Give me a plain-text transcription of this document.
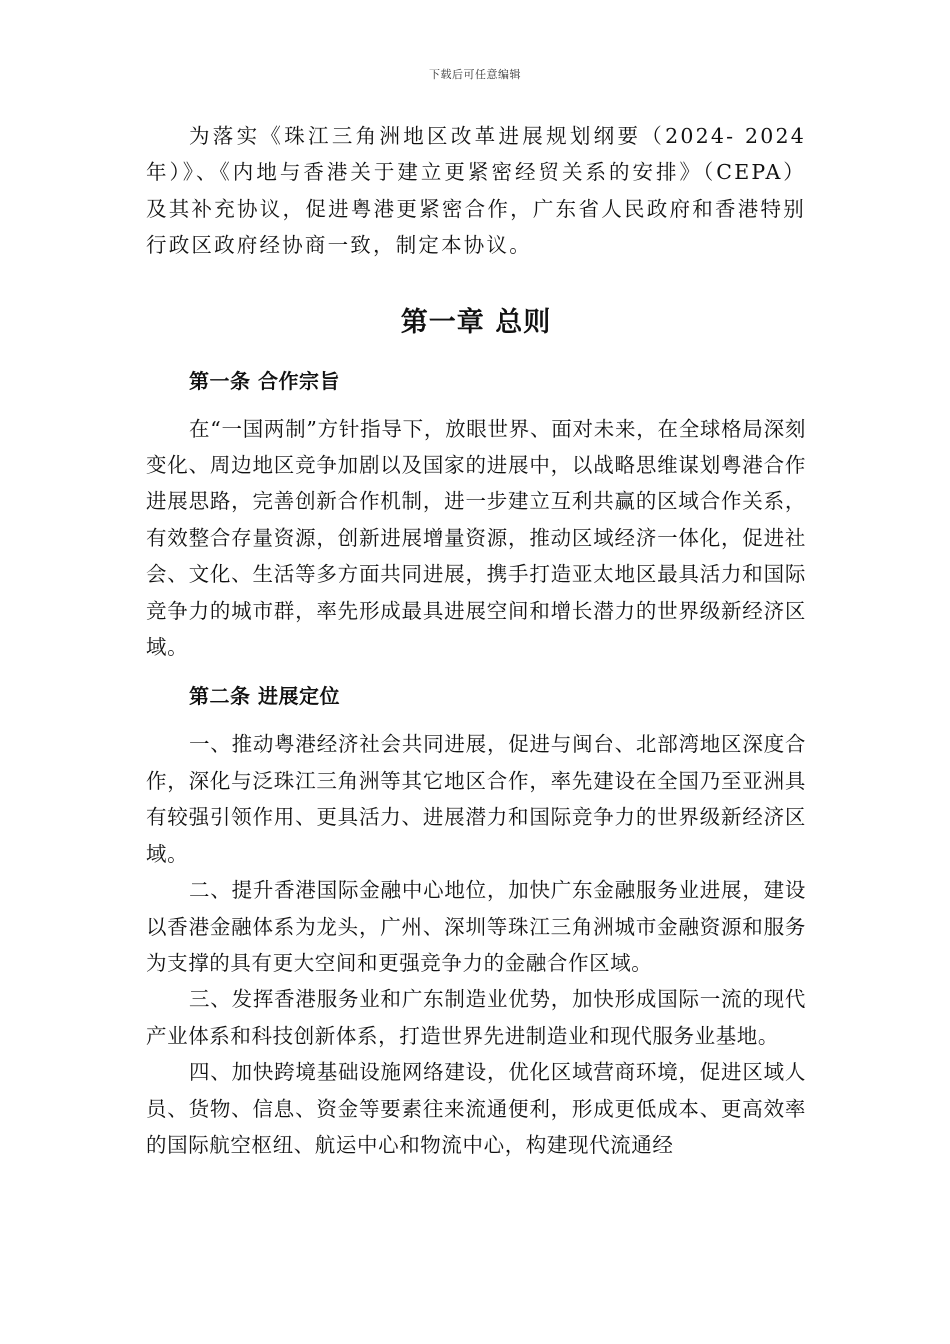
下载后可任意编辑

为落实《珠江三角洲地区改革进展规划纲要（2024- 2024年）》、《内地与香港关于建立更紧密经贸关系的安排》（CEPA）及其补充协议，促进粤港更紧密合作，广东省人民政府和香港特别行政区政府经协商一致，制定本协议。

第一章 总则
第一条 合作宗旨

在“一国两制”方针指导下，放眼世界、面对未来，在全球格局深刻变化、周边地区竞争加剧以及国家的进展中，以战略思维谋划粤港合作进展思路，完善创新合作机制，进一步建立互利共赢的区域合作关系，有效整合存量资源，创新进展增量资源，推动区域经济一体化，促进社会、文化、生活等多方面共同进展，携手打造亚太地区最具活力和国际竞争力的城市群，率先形成最具进展空间和增长潜力的世界级新经济区域。

第二条 进展定位

一、推动粤港经济社会共同进展，促进与闽台、北部湾地区深度合作，深化与泛珠江三角洲等其它地区合作，率先建设在全国乃至亚洲具有较强引领作用、更具活力、进展潜力和国际竞争力的世界级新经济区域。

二、提升香港国际金融中心地位，加快广东金融服务业进展，建设以香港金融体系为龙头，广州、深圳等珠江三角洲城市金融资源和服务为支撑的具有更大空间和更强竞争力的金融合作区域。

三、发挥香港服务业和广东制造业优势，加快形成国际一流的现代产业体系和科技创新体系，打造世界先进制造业和现代服务业基地。

四、加快跨境基础设施网络建设，优化区域营商环境，促进区域人员、货物、信息、资金等要素往来流通便利，形成更低成本、更高效率的国际航空枢纽、航运中心和物流中心，构建现代流通经
